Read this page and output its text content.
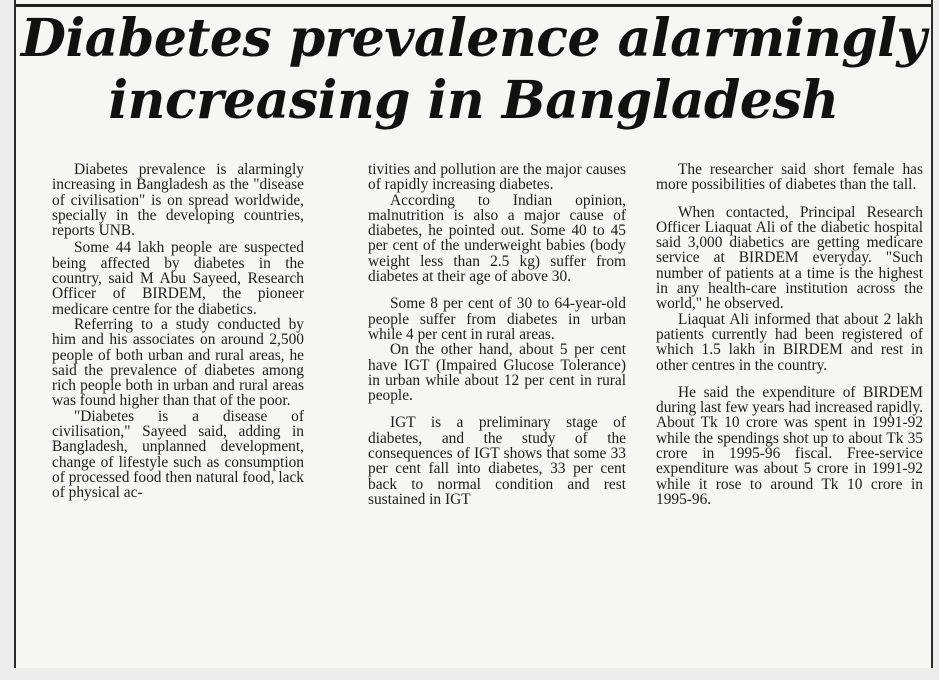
Diabetes prevalence alarmingly
increasing in Bangladesh

Diabetes prevalence is alarmingly increasing in Bangladesh as the "disease of civilisation" is on spread worldwide, specially in the developing countries, reports UNB.

Some 44 lakh people are suspected being affected by diabetes in the country, said M Abu Sayeed, Research Officer of BIRDEM, the pioneer medicare centre for the diabetics.

Referring to a study conducted by him and his associates on around 2,500 people of both urban and rural areas, he said the prevalence of diabetes among rich people both in urban and rural areas was found higher than that of the poor.

"Diabetes is a disease of civilisation," Sayeed said, adding in Bangladesh, unplanned development, change of lifestyle such as consumption of processed food then natural food, lack of physical ac-

tivities and pollution are the major causes of rapidly increasing diabetes.

According to Indian opinion, malnutrition is also a major cause of diabetes, he pointed out. Some 40 to 45 per cent of the underweight babies (body weight less than 2.5 kg) suffer from diabetes at their age of above 30.

Some 8 per cent of 30 to 64-year-old people suffer from diabetes in urban while 4 per cent in rural areas.

On the other hand, about 5 per cent have IGT (Impaired Glucose Tolerance) in urban while about 12 per cent in rural people.

IGT is a preliminary stage of diabetes, and the study of the consequences of IGT shows that some 33 per cent fall into diabetes, 33 per cent back to normal condition and rest sustained in IGT

The researcher said short female has more possibilities of diabetes than the tall.

When contacted, Principal Research Officer Liaquat Ali of the diabetic hospital said 3,000 diabetics are getting medicare service at BIRDEM everyday. "Such number of patients at a time is the highest in any health-care institution across the world," he observed.

Liaquat Ali informed that about 2 lakh patients currently had been registered of which 1.5 lakh in BIRDEM and rest in other centres in the country.

He said the expenditure of BIRDEM during last few years had increased rapidly. About Tk 10 crore was spent in 1991-92 while the spendings shot up to about Tk 35 crore in 1995-96 fiscal. Free-service expenditure was about 5 crore in 1991-92 while it rose to around Tk 10 crore in 1995-96.
